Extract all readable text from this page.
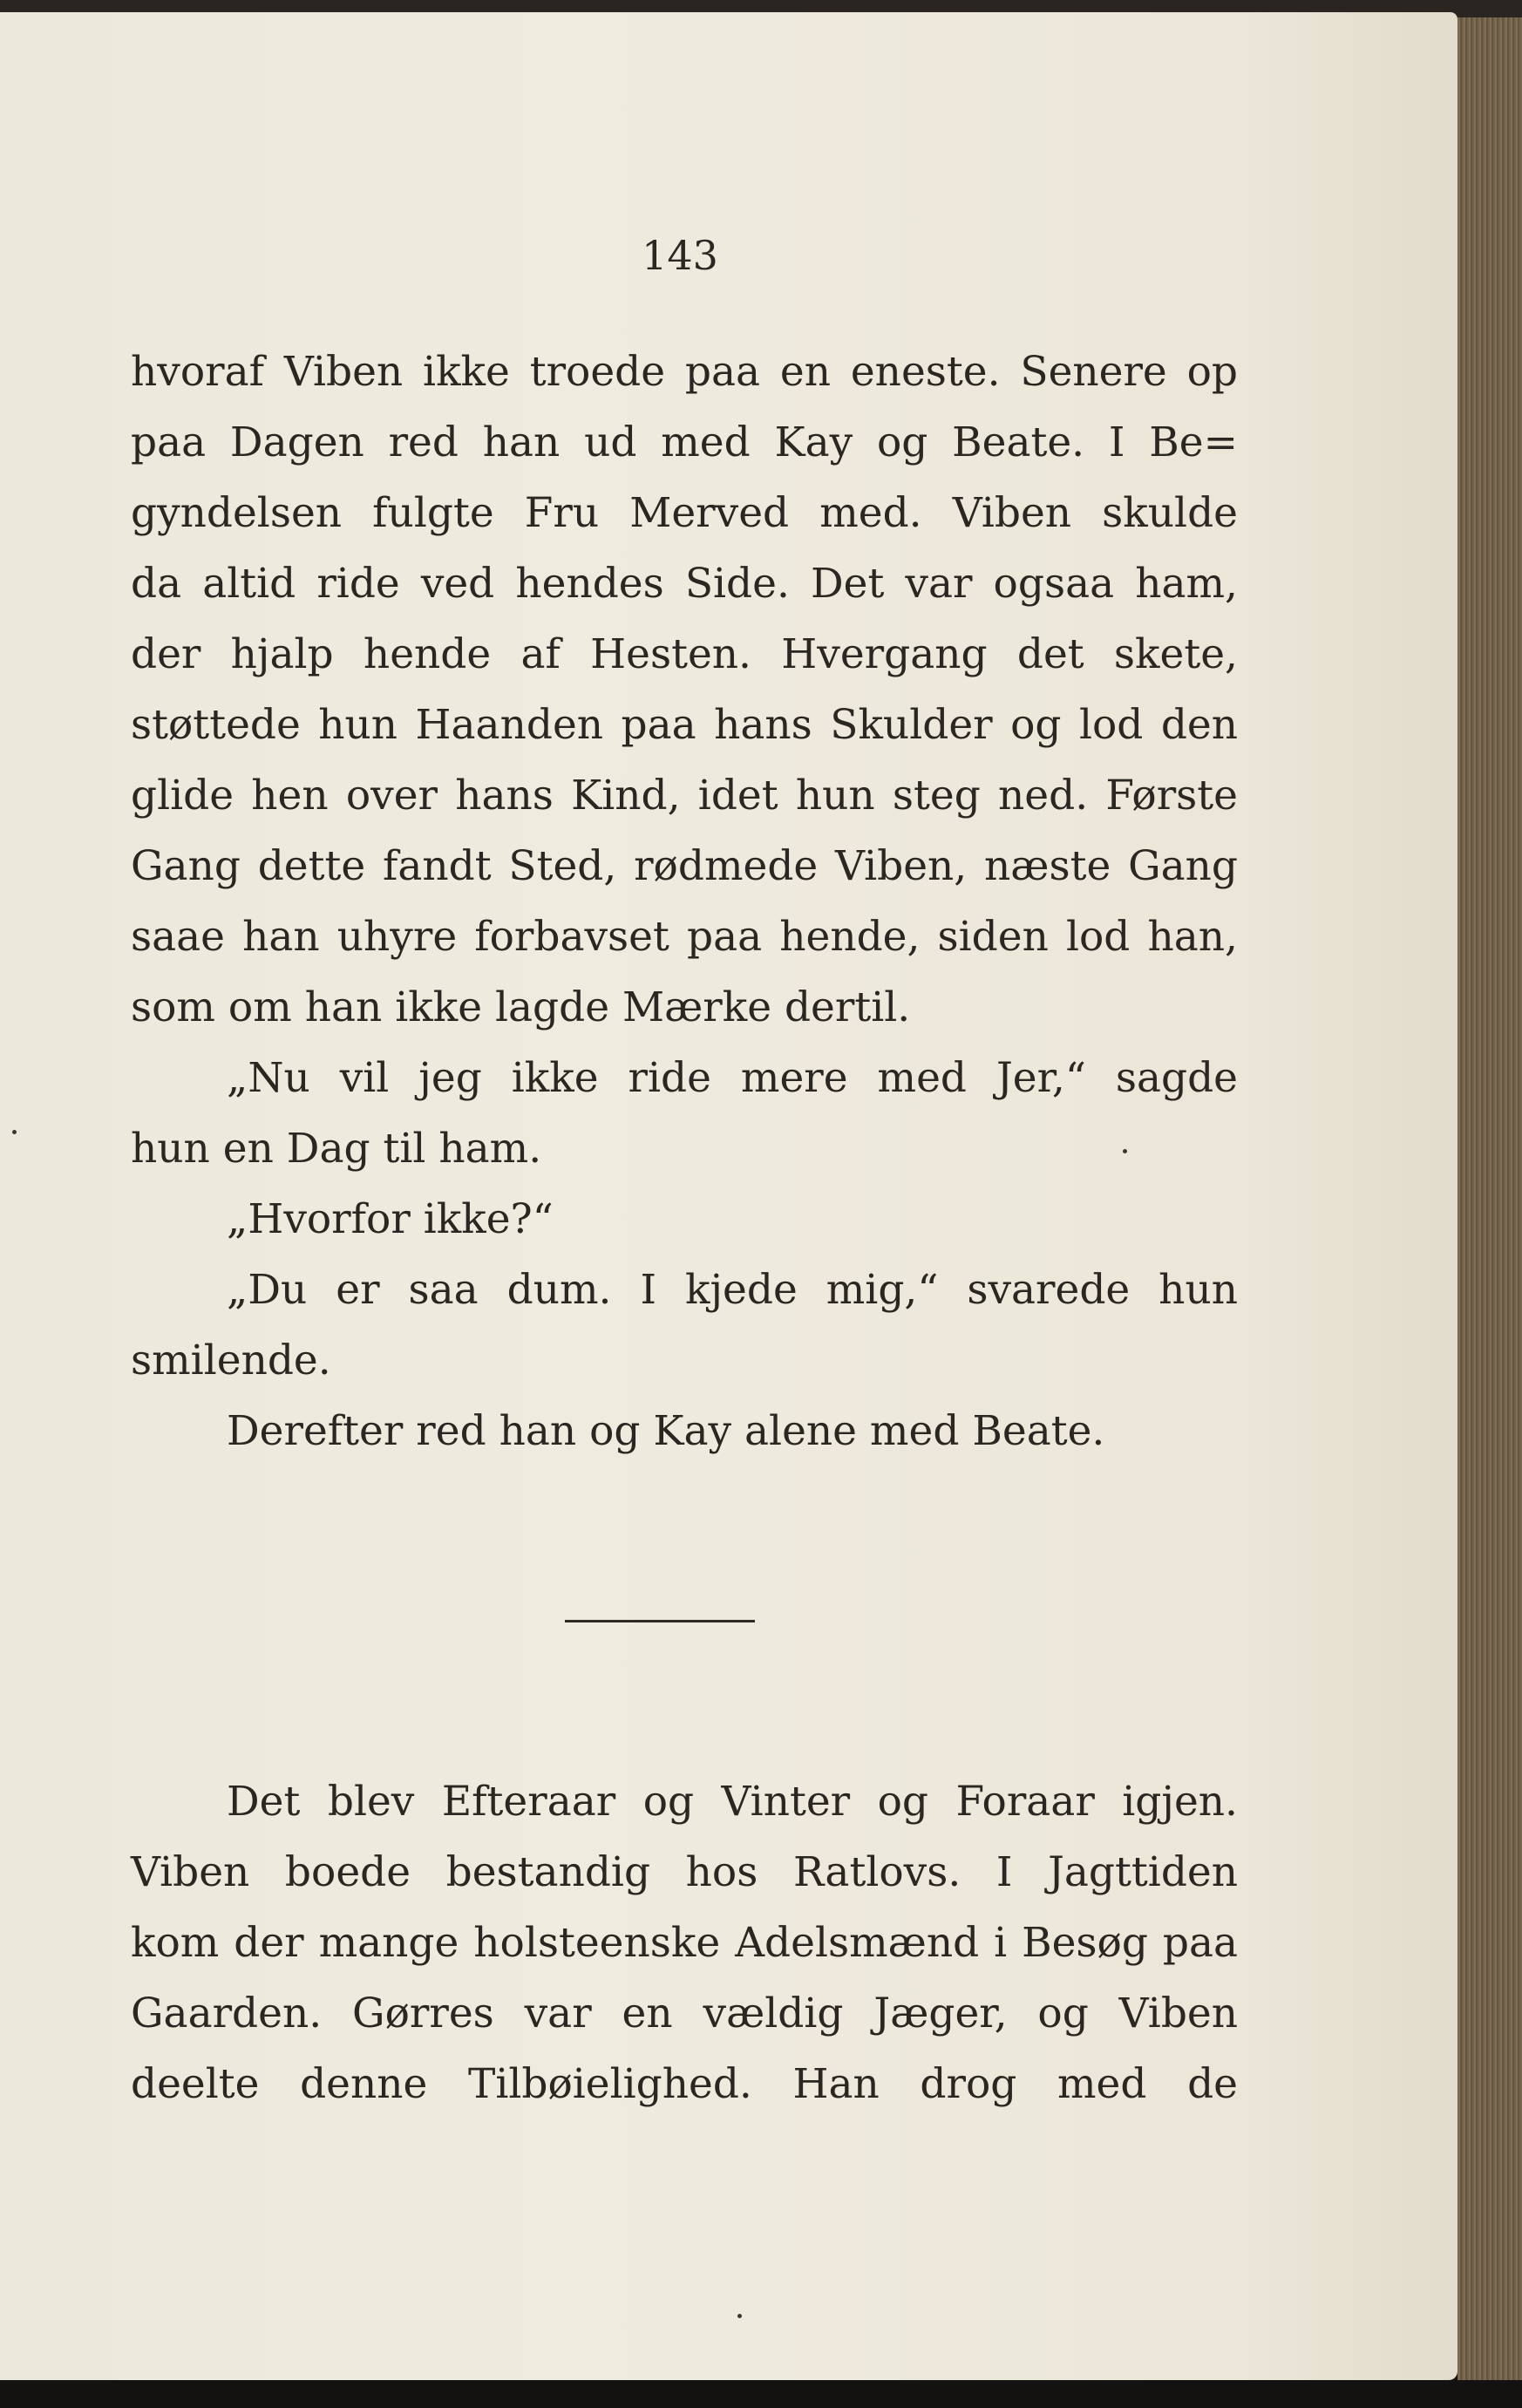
143
hvoraf Viben ikke troede paa en eneste. Senere op
paa Dagen red han ud med Kay og Beate. I Be=
gyndelsen fulgte Fru Merved med. Viben skulde
da altid ride ved hendes Side. Det var ogsaa ham,
der hjalp hende af Hesten. Hvergang det skete,
støttede hun Haanden paa hans Skulder og lod den
glide hen over hans Kind, idet hun steg ned. Første
Gang dette fandt Sted, rødmede Viben, næste Gang
saae han uhyre forbavset paa hende, siden lod han,
som om han ikke lagde Mærke dertil.
„Nu vil jeg ikke ride mere med Jer,“ sagde
hun en Dag til ham.
„Hvorfor ikke?“
„Du er saa dum. I kjede mig,“ svarede hun
smilende.
Derefter red han og Kay alene med Beate.
Det blev Efteraar og Vinter og Foraar igjen.
Viben boede bestandig hos Ratlovs. I Jagttiden
kom der mange holsteenske Adelsmænd i Besøg paa
Gaarden. Gørres var en vældig Jæger, og Viben
deelte denne Tilbøielighed. Han drog med de
